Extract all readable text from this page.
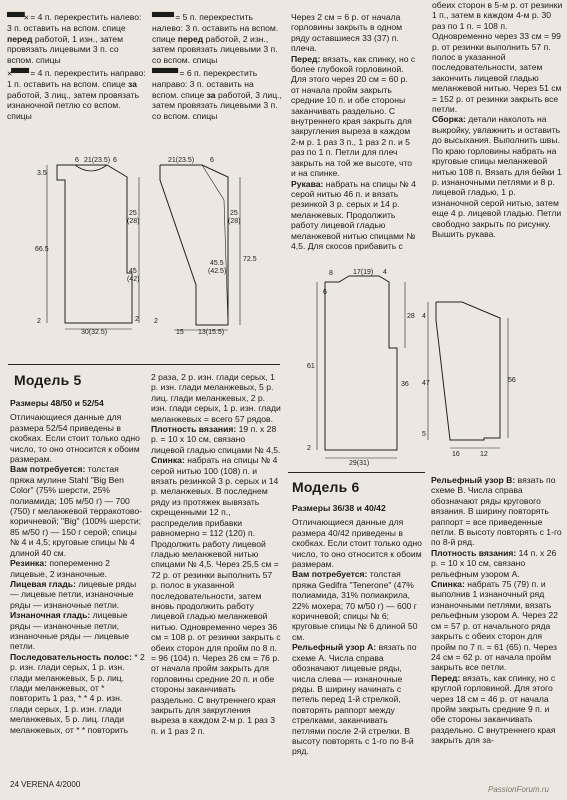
▀▀▀▀✕ = 4 п. перекрестить налево: 3 п. оставить на вспом. спице перед работой, 1 изн., затем провязать лицевыми 3 п. со вспом. спицы

✕▀▀▀▀ = 4 п. перекрестить направо: 1 п. оставить на вспом. спице за работой, 3 лиц., затем провязать изнаночной петлю со вспом. спицы

▀▀▀▀▀ = 5 п. перекрестить налево: 3 п. оставить на вспом. спице перед работой, 2 изн., затем провязать лицевыми 3 п. со вспом. спицы

▀▀▀▀▀▀ = 6 п. перекрестить направо: 3 п. оставить на вспом. спице за работой, 3 лиц., затем провязать лицевыми 3 п. со вспом. спицы

Через 2 см = 6 р. от начала горловины закрыть в одном ряду оставшиеся 33 (37) п. плеча.

Перед: вязать, как спинку, но с более глубокой горловиной. Для этого через 20 см = 60 р. от начала пройм закрыть средние 10 п. и обе стороны заканчивать раздельно. С внутреннего края закрыть для закругления выреза в каждом 2-м р. 1 раз 3 п., 1 раз 2 п. и 5 раз по 1 п. Петли для плеч закрыть на той же высоте, что и на спинке.

Рукава: набрать на спицы № 4 серой нитью 46 п. и вязать резинкой 3 р. серых и 14 р. меланжевых. Продолжить работу лицевой гладью меланжевой нитью спицами № 4,5. Для скосов прибавить с

обеих сторон в 5-м р. от резинки 1 п., затем в каждом 4-м р. 30 раз по 1 п. = 108 п. Одновременно через 33 см = 99 р. от резинки выполнить 57 п. полос в указанной последовательности, затем закончить лицевой гладью меланжевой нитью. Через 51 см = 152 р. от резинки закрыть все петли.

Сборка: детали наколоть на выкройку, увлажнить и оставить до высыхания. Выполнить швы. По краю горловины набрать на круговые спицы меланжевой нитью 108 п. Вязать для бейки 1 р. изнаночными петлями и 8 р. лицевой гладью, 1 р. изнаночной серой нитью, затем еще 4 р. лицевой гладью. Петли свободно закрыть по рисунку. Вышить рукава.

6 21(23.5) 6
3.5
25
(28)
66.5
45
(42)
2	2
30(32.5)
21(23.5) 6
25
(28)
72.5
45.5
(42.5)
2
15 13(15.5)
8	17(19) 4
6
28
61
36
2
29(31)
47
4
56
5
16	12
Модель 5

Размеры 48/50 и 52/54

Отличающиеся данные для размера 52/54 приведены в скобках. Если стоит только одно число, то оно относится к обоим размерам.

Вам потребуется: толстая пряжа мулине Stahl "Big Ben Color" (75% шерсти, 25% полиамида; 105 м/50 г) — 700 (750) г меланжевой терракотово-коричневой; "Big" (100% шерсти; 85 м/50 г) — 150 г серой; спицы № 4 и 4,5; круговые спицы № 4 длиной 40 см.

Резинка: попеременно 2 лицевые, 2 изнаночные.

Лицевая гладь: лицевые ряды — лицевые петли, изнаночные ряды — изнаночные петли.

Изнаночная гладь: лицевые ряды — изнаночные петли, изнаночные ряды — лицевые петли.

Последовательность полос: * 2 р. изн. глади серых, 1 р. изн. глади меланжевых, 5 р. лиц. глади меланжевых, от * повторить 1 раз, * * 4 р. изн. глади серых, 1 р. изн. глади меланжевых, 5 р. лиц. глади меланжевых, от * * повторить

2 раза, 2 р. изн. глади серых, 1 р. изн. глади меланжевых, 5 р. лиц. глади меланжевых, 2 р. изн. глади серых, 1 р. изн. глади меланжевых = всего 57 рядов.

Плотность вязания: 19 п. x 28 р. = 10 x 10 см, связано лицевой гладью спицами № 4,5.

Спинка: набрать на спицы № 4 серой нитью 100 (108) п. и вязать резинкой 3 р. серых и 14 р. меланжевых. В последнем ряду из протяжек вывязать скрещенными 12 п., распределив прибавки равномерно = 112 (120) п. Продолжить работу лицевой гладью меланжевой нитью спицами № 4,5. Через 25,5 см = 72 р. от резинки выполнить 57 р. полос в указанной последовательности, затем вновь продолжить работу лицевой гладью меланжевой нитью. Одновременно через 36 см = 108 р. от резинки закрыть с обеих сторон для пройм по 8 п. = 96 (104) п. Через 26 см = 76 р. от начала пройм закрыть для горловины средние 20 п. и обе стороны заканчивать раздельно. С внутреннего края закрыть для закругления выреза в каждом 2-м р. 1 раз 3 п. и 1 раз 2 п.

Модель 6

Размеры 36/38 и 40/42

Отличающиеся данные для размера 40/42 приведены в скобках. Если стоит только одно число, то оно относится к обоим размерам.

Вам потребуется: толстая пряжа Gedifra "Tenerone" (47% полиамида, 31% полиакрила, 22% мохера; 70 м/50 г) — 600 г коричневой; спицы № 6; круговые спицы № 6 длиной 50 см.

Рельефный узор A: вязать по схеме A. Числа справа обозначают лицевые ряды, числа слева — изнаночные ряды. В ширину начинать с петель перед 1-й стрелкой, повторять раппорт между стрелками, заканчивать петлями после 2-й стрелки. В высоту повторять с 1-го по 8-й ряд.

Рельефный узор B: вязать по схеме B. Числа справа обозначают ряды кругового вязания. В ширину повторять раппорт = все приведенные петли. В высоту повторять с 1-го по 8-й ряд.

Плотность вязания: 14 п. x 26 р. = 10 x 10 см, связано рельефным узором A.

Спинка: набрать 75 (79) п. и выполнив 1 изнаночный ряд изнаночными петлями, вязать рельефным узором A. Через 22 см = 57 р. от начального ряда закрыть с обеих сторон для пройм по 7 п. = 61 (65) п. Через 24 см = 62 р. от начала пройм закрыть все петли.

Перед: вязать, как спинку, но с круглой горловиной. Для этого через 18 см = 46 р. от начала пройм закрыть средние 9 п. и обе стороны заканчивать раздельно. С внутреннего края закрыть для за-

24 VERENA 4/2000
PassionForum.ru
